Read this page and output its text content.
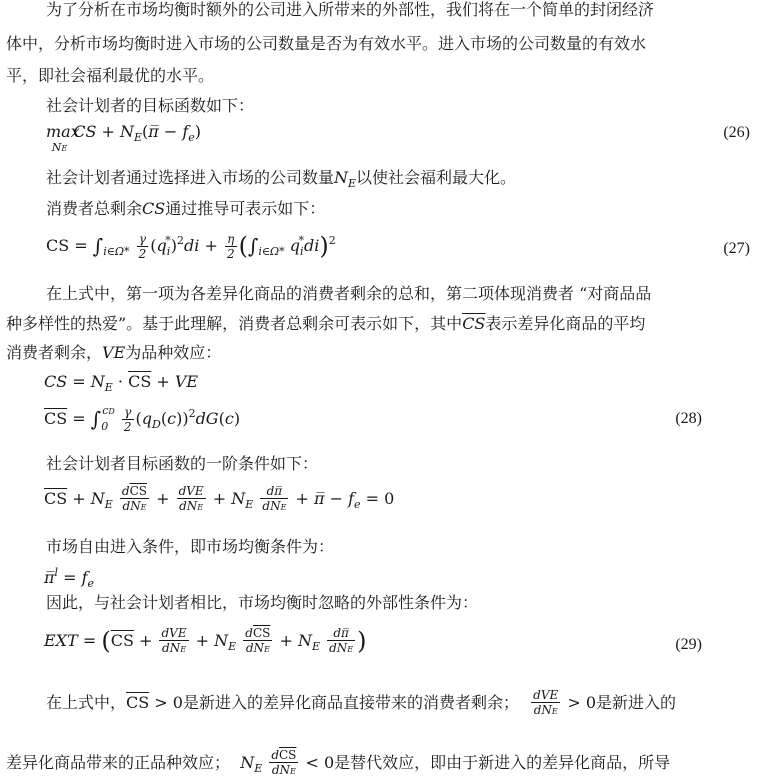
为了分析在市场均衡时额外的公司进入所带来的外部性，我们将在一个简单的封闭经济
体中，分析市场均衡时进入市场的公司数量是否为有效水平。进入市场的公司数量的有效水
平，即社会福利最优的水平。
社会计划者的目标函数如下：
$\max_{NE}CS$ + $N_E(\pi̅ - f_e)$	(26)
社会计划者通过选择进入市场的公司数量$N_E$以使社会福利最大化。
消费者总剩余CS通过推导可表示如下：
CS = $\int_{i\in\Omega*} \frac{\gamma}{2} (q_i^*)^2di + \frac{\eta}{2} (\int_{i\in\Omega*}$ $q_i^*di)^2$	(27)
在上式中，第一项为各差异化商品的消费者剩余的总和，第二项体现消费者 “对商品品
种多样性的热爱”。基于此理解，消费者总剩余可表示如下，其中$\overline{CS}$表示差异化商品的平均
消费者剩余，VE为品种效应：
CS = $N_E \cdot \overline{CS}$ + VE
$\overline{CS} = \int_0^{cD} \frac{\gamma}{2} (q_D(c))^2dG(c)$	(28)
社会计划者目标函数的一阶条件如下：
$\overline{CS} + N_E \frac{d\overline{CS}}{\text{dNE}} + \frac{\text{dVE}}{\text{dNE}} + N_E \frac{d\pi̅}{\text{dNE}}$ + π̅ − $f_e = 0$
市场自由进入条件，即市场均衡条件为：
π̅$^l$ = $f_e$
因此，与社会计划者相比，市场均衡时忽略的外部性条件为：
EXT = ($\overline{CS} + \frac{\text{dVE}}{\text{dNE}} + N_E \frac{d\overline{CS}}{\text{dNE}} + N_E \frac{d\pi̅}{\text{dNE}}$ )	(29)
在上式中，$\overline{CS} > 0$是新进入的差异化商品直接带来的消费者剩余； $\frac{\text{dVE}}{\text{dNE}} > 0$是新进入的
差异化商品带来的正品种效应； $N_E \frac{d\overline{CS}}{\text{dNE}} < 0$是替代效应，即由于新进入的差异化商品，所导
